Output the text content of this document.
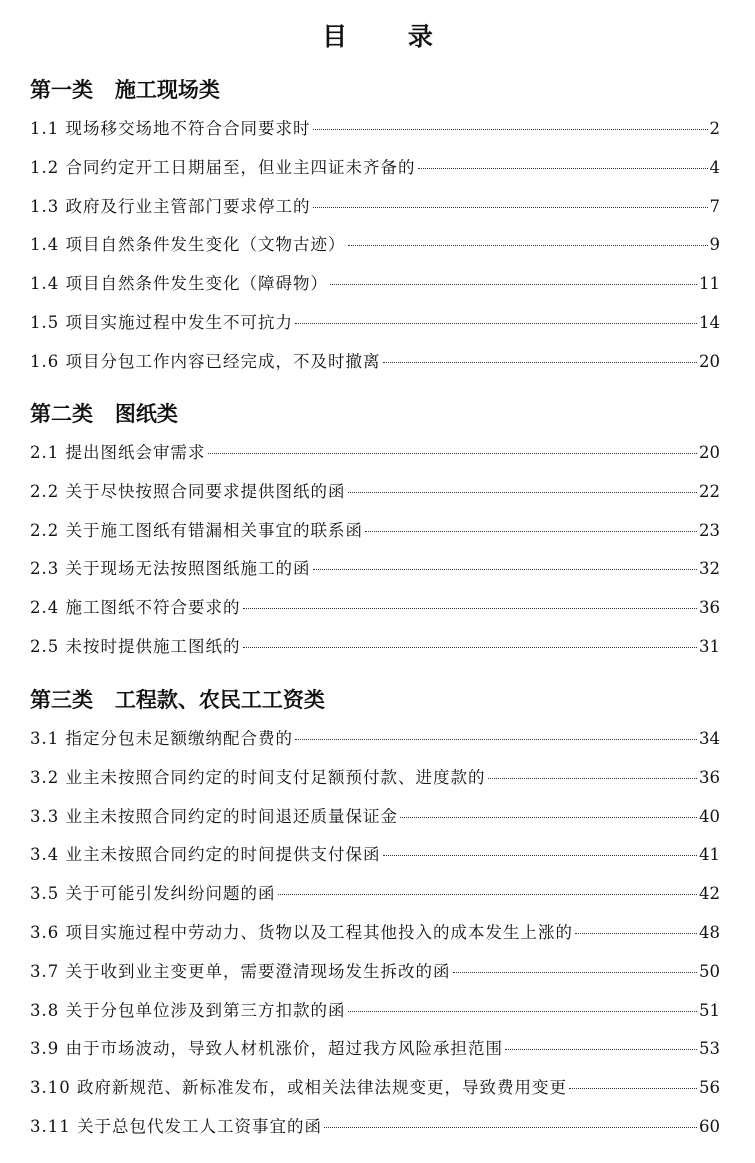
目 录
第一类   施工现场类
1.1 现场移交场地不符合合同要求时	2
1.2 合同约定开工日期届至，但业主四证未齐备的	4
1.3 政府及行业主管部门要求停工的	7
1.4 项目自然条件发生变化（文物古迹）	9
1.4 项目自然条件发生变化（障碍物）	11
1.5 项目实施过程中发生不可抗力	14
1.6 项目分包工作内容已经完成，不及时撤离	20
第二类   图纸类
2.1 提出图纸会审需求	20
2.2 关于尽快按照合同要求提供图纸的函	22
2.2 关于施工图纸有错漏相关事宜的联系函	23
2.3 关于现场无法按照图纸施工的函	32
2.4 施工图纸不符合要求的	36
2.5 未按时提供施工图纸的	31
第三类   工程款、农民工工资类
3.1 指定分包未足额缴纳配合费的	34
3.2 业主未按照合同约定的时间支付足额预付款、进度款的	36
3.3 业主未按照合同约定的时间退还质量保证金	40
3.4 业主未按照合同约定的时间提供支付保函	41
3.5 关于可能引发纠纷问题的函	42
3.6 项目实施过程中劳动力、货物以及工程其他投入的成本发生上涨的	48
3.7 关于收到业主变更单，需要澄清现场发生拆改的函	50
3.8 关于分包单位涉及到第三方扣款的函	51
3.9 由于市场波动，导致人材机涨价，超过我方风险承担范围	53
3.10 政府新规范、新标准发布，或相关法律法规变更，导致费用变更	56
3.11 关于总包代发工人工资事宜的函	60
